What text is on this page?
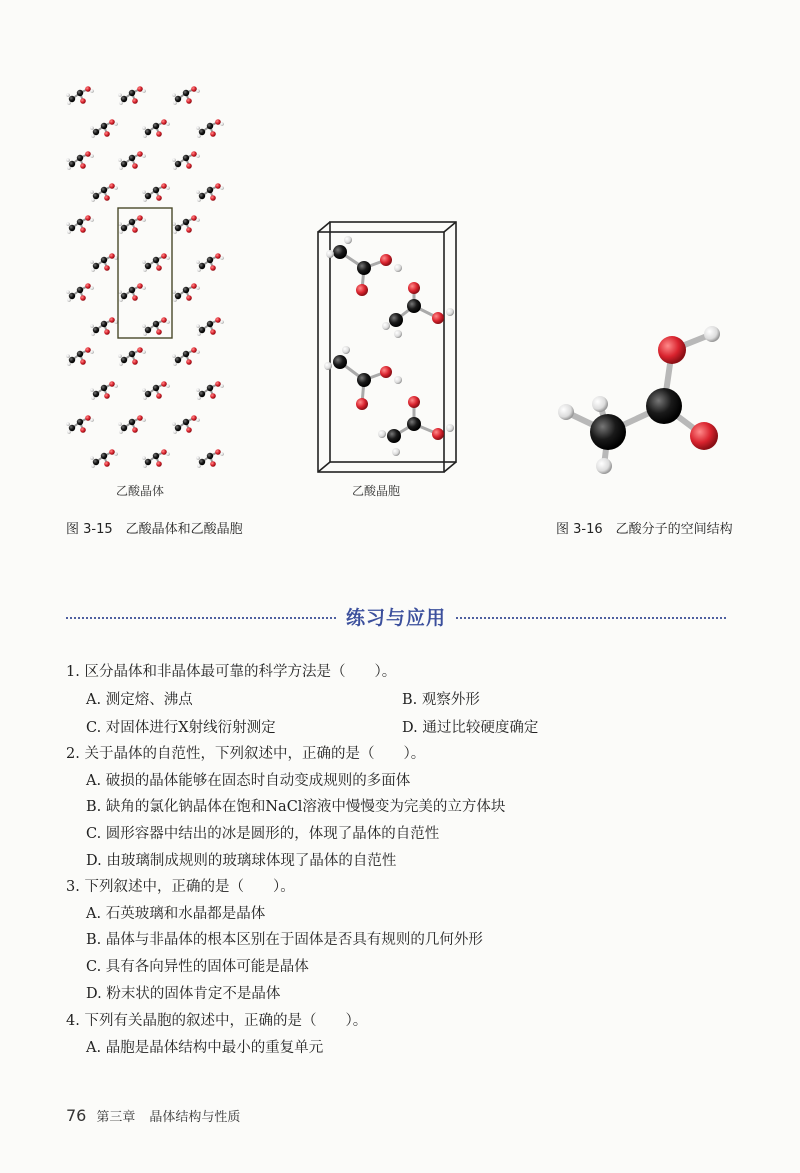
乙酸晶体	乙酸晶胞
图 3-15　乙酸晶体和乙酸晶胞	图 3-16　乙酸分子的空间结构
练习与应用
1. 区分晶体和非晶体最可靠的科学方法是（　　）。
A. 测定熔、沸点	B. 观察外形
C. 对固体进行X射线衍射测定	D. 通过比较硬度确定
2. 关于晶体的自范性，下列叙述中，正确的是（　　）。
A. 破损的晶体能够在固态时自动变成规则的多面体
B. 缺角的氯化钠晶体在饱和NaCl溶液中慢慢变为完美的立方体块
C. 圆形容器中结出的冰是圆形的，体现了晶体的自范性
D. 由玻璃制成规则的玻璃球体现了晶体的自范性
3. 下列叙述中，正确的是（　　）。
A. 石英玻璃和水晶都是晶体
B. 晶体与非晶体的根本区别在于固体是否具有规则的几何外形
C. 具有各向异性的固体可能是晶体
D. 粉末状的固体肯定不是晶体
4. 下列有关晶胞的叙述中，正确的是（　　）。
A. 晶胞是晶体结构中最小的重复单元
76 第三章 晶体结构与性质
